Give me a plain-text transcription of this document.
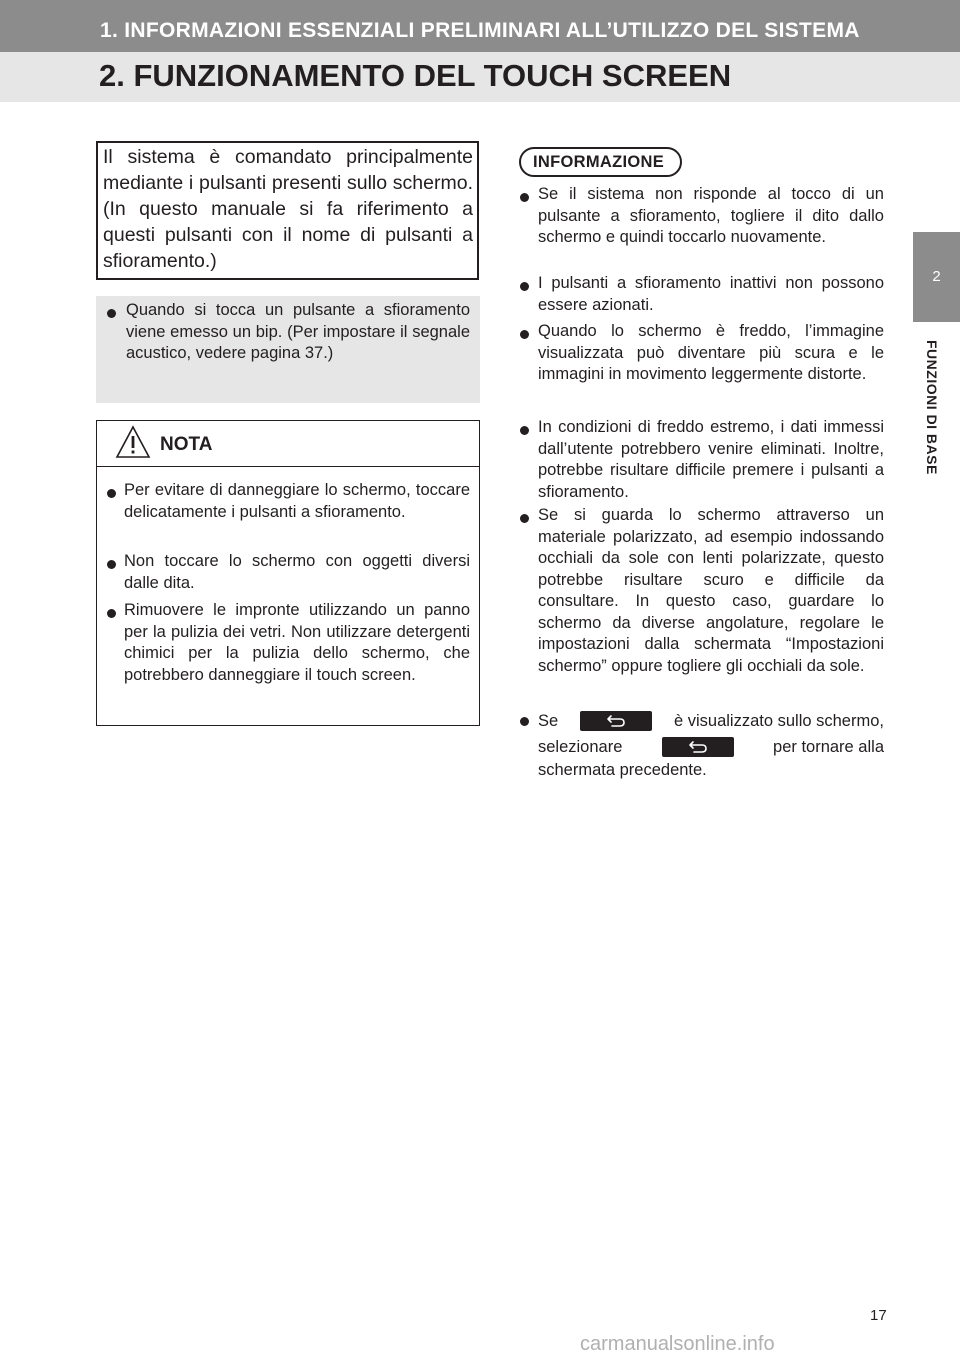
1. INFORMAZIONI ESSENZIALI PRELIMINARI ALL’UTILIZZO DEL SISTEMA
2. FUNZIONAMENTO DEL TOUCH SCREEN
2
FUNZIONI DI BASE
Il sistema è comandato principalmente mediante i pulsanti presenti sullo schermo. (In questo manuale si fa riferimento a questi pulsanti con il nome di pulsanti a sfioramento.)
Quando si tocca un pulsante a sfioramento viene emesso un bip. (Per impostare il segnale acustico, vedere pagina 37.)
NOTA
Per evitare di danneggiare lo schermo, toccare delicatamente i pulsanti a sfioramento.
Non toccare lo schermo con oggetti diversi dalle dita.
Rimuovere le impronte utilizzando un panno per la pulizia dei vetri. Non utilizzare detergenti chimici per la pulizia dello schermo, che potrebbero danneggiare il touch screen.
INFORMAZIONE
Se il sistema non risponde al tocco di un pulsante a sfioramento, togliere il dito dallo schermo e quindi toccarlo nuovamente.
I pulsanti a sfioramento inattivi non possono essere azionati.
Quando lo schermo è freddo, l’immagine visualizzata può diventare più scura e le immagini in movimento leggermente distorte.
In condizioni di freddo estremo, i dati immessi dall’utente potrebbero venire eliminati. Inoltre, potrebbe risultare difficile premere i pulsanti a sfioramento.
Se si guarda lo schermo attraverso un materiale polarizzato, ad esempio indossando occhiali da sole con lenti polarizzate, questo potrebbe risultare scuro e difficile da consultare. In questo caso, guardare lo schermo da diverse angolature, regolare le impostazioni dalla schermata “Impostazioni schermo” oppure togliere gli occhiali da sole.
Se	è visualizzato sullo schermo,
selezionare	per tornare alla
schermata precedente.
17
carmanualsonline.info
